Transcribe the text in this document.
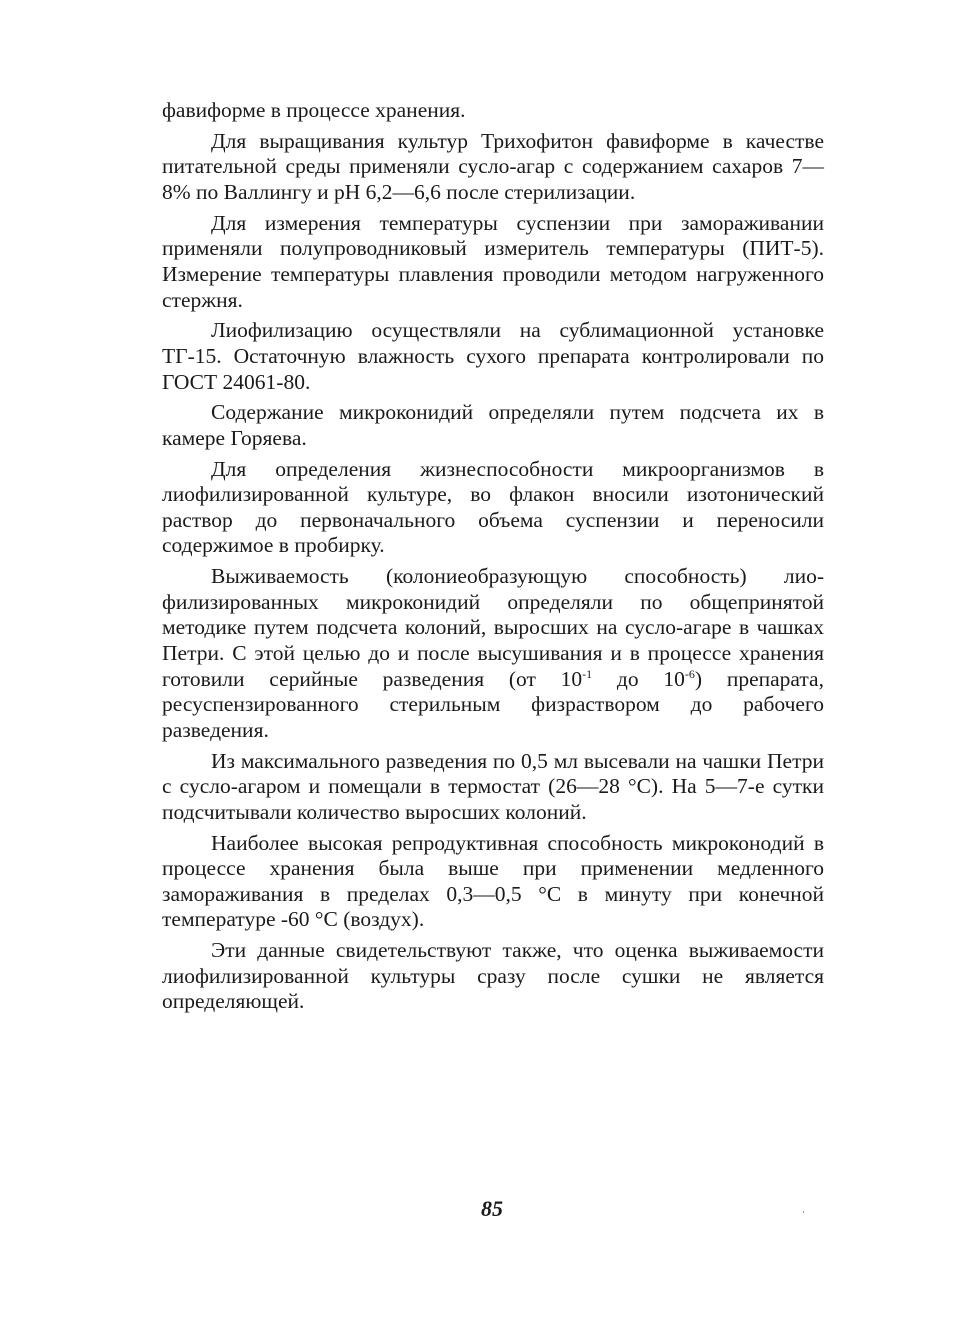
фавиформе в процессе хранения.

Для выращивания культур Трихофитон фавиформе в качестве питательной среды применяли сусло-агар с содержанием сахаров 7—8% по Валлингу и pH 6,2—6,6 после стерилизации.

Для измерения температуры суспензии при замораживании применяли полупроводниковый измеритель температуры (ПИТ-5). Измерение температуры плавления проводили методом нагруженного стержня.

Лиофилизацию осуществляли на сублимационной установке ТГ-15. Остаточную влажность сухого препарата контролировали по ГОСТ 24061-80.

Содержание микроконидий определяли путем подсчета их в камере Горяева.

Для определения жизнеспособности микроорганизмов в лиофилизированной культуре, во флакон вносили изотонический раствор до первоначального объема суспензии и переносили содержимое в пробирку.

Выживаемость (колониеобразующую способность) лиофилизированных микроконидий определяли по общепринятой методике путем подсчета колоний, выросших на сусло-агаре в чашках Петри. С этой целью до и после высушивания и в процессе хранения готовили серийные разведения (от $10^{-1}$ до $10^{-6}$) препарата, ресуспензированного стерильным физраствором до рабочего разведения.

Из максимального разведения по 0,5 мл высевали на чашки Петри с сусло-агаром и помещали в термостат (26—28 °С). На 5—7-е сутки подсчитывали количество выросших колоний.

Наиболее высокая репродуктивная способность микроконодий в процессе хранения была выше при применении медленного замораживания в пределах 0,3—0,5 °С в минуту при конечной температуре -60 °С (воздух).

Эти данные свидетельствуют также, что оценка выживаемости лиофилизированной культуры сразу после сушки не является определяющей.

85
